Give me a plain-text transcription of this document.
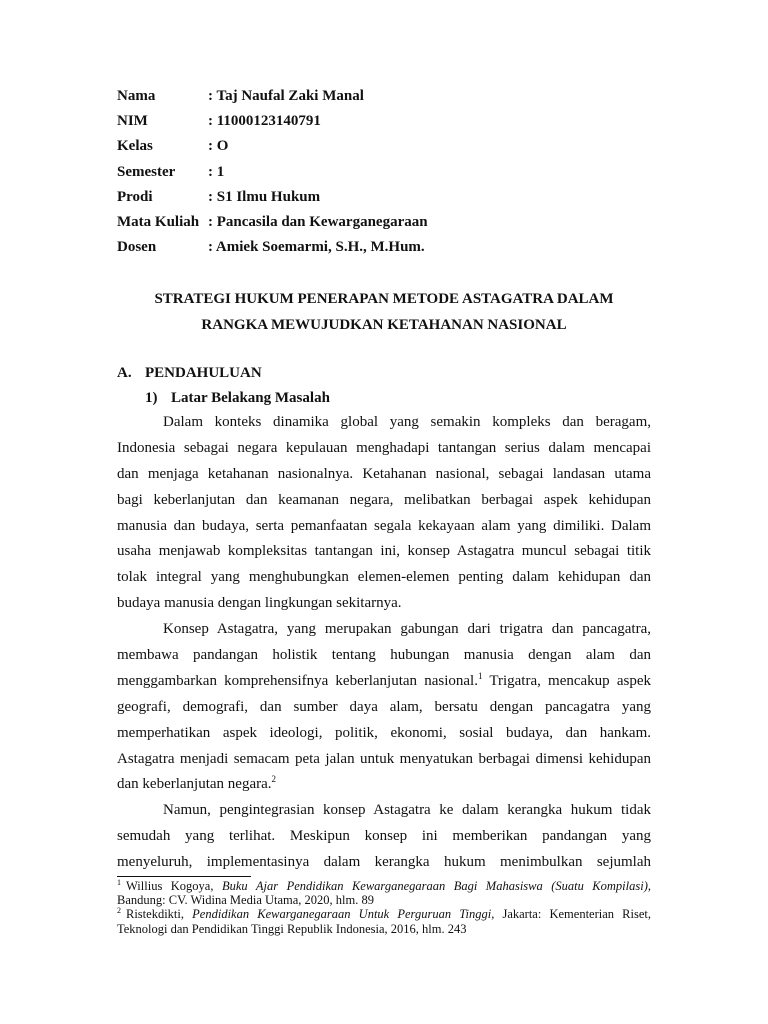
Nama	: Taj Naufal Zaki Manal
NIM	: 11000123140791
Kelas	: O
Semester : 1
Prodi	: S1 Ilmu Hukum
Mata Kuliah : Pancasila dan Kewarganegaraan
Dosen	: Amiek Soemarmi, S.H., M.Hum.
STRATEGI HUKUM PENERAPAN METODE ASTAGATRA DALAM
RANGKA MEWUJUDKAN KETAHANAN NASIONAL
A. PENDAHULUAN
1) Latar Belakang Masalah
Dalam konteks dinamika global yang semakin kompleks dan beragam,
Indonesia sebagai negara kepulauan menghadapi tantangan serius dalam mencapai
dan menjaga ketahanan nasionalnya. Ketahanan nasional, sebagai landasan utama
bagi keberlanjutan dan keamanan negara, melibatkan berbagai aspek kehidupan
manusia dan budaya, serta pemanfaatan segala kekayaan alam yang dimiliki. Dalam
usaha menjawab kompleksitas tantangan ini, konsep Astagatra muncul sebagai titik
tolak integral yang menghubungkan elemen-elemen penting dalam kehidupan dan
budaya manusia dengan lingkungan sekitarnya.
Konsep Astagatra, yang merupakan gabungan dari trigatra dan pancagatra,
membawa pandangan holistik tentang hubungan manusia dengan alam dan
menggambarkan komprehensifnya keberlanjutan nasional.$^1$ Trigatra, mencakup aspek
geografi, demografi, dan sumber daya alam, bersatu dengan pancagatra yang
memperhatikan aspek ideologi, politik, ekonomi, sosial budaya, dan hankam.
Astagatra menjadi semacam peta jalan untuk menyatukan berbagai dimensi kehidupan
dan keberlanjutan negara.$^2$
Namun, pengintegrasian konsep Astagatra ke dalam kerangka hukum tidak
semudah yang terlihat. Meskipun konsep ini memberikan pandangan yang
menyeluruh, implementasinya dalam kerangka hukum menimbulkan sejumlah
$^1$ Willius Kogoya, Buku Ajar Pendidikan Kewarganegaraan Bagi Mahasiswa (Suatu Kompilasi),
Bandung: CV. Widina Media Utama, 2020, hlm. 89
$^2$ Ristekdikti, Pendidikan Kewarganegaraan Untuk Perguruan Tinggi, Jakarta: Kementerian Riset,
Teknologi dan Pendidikan Tinggi Republik Indonesia, 2016, hlm. 243
